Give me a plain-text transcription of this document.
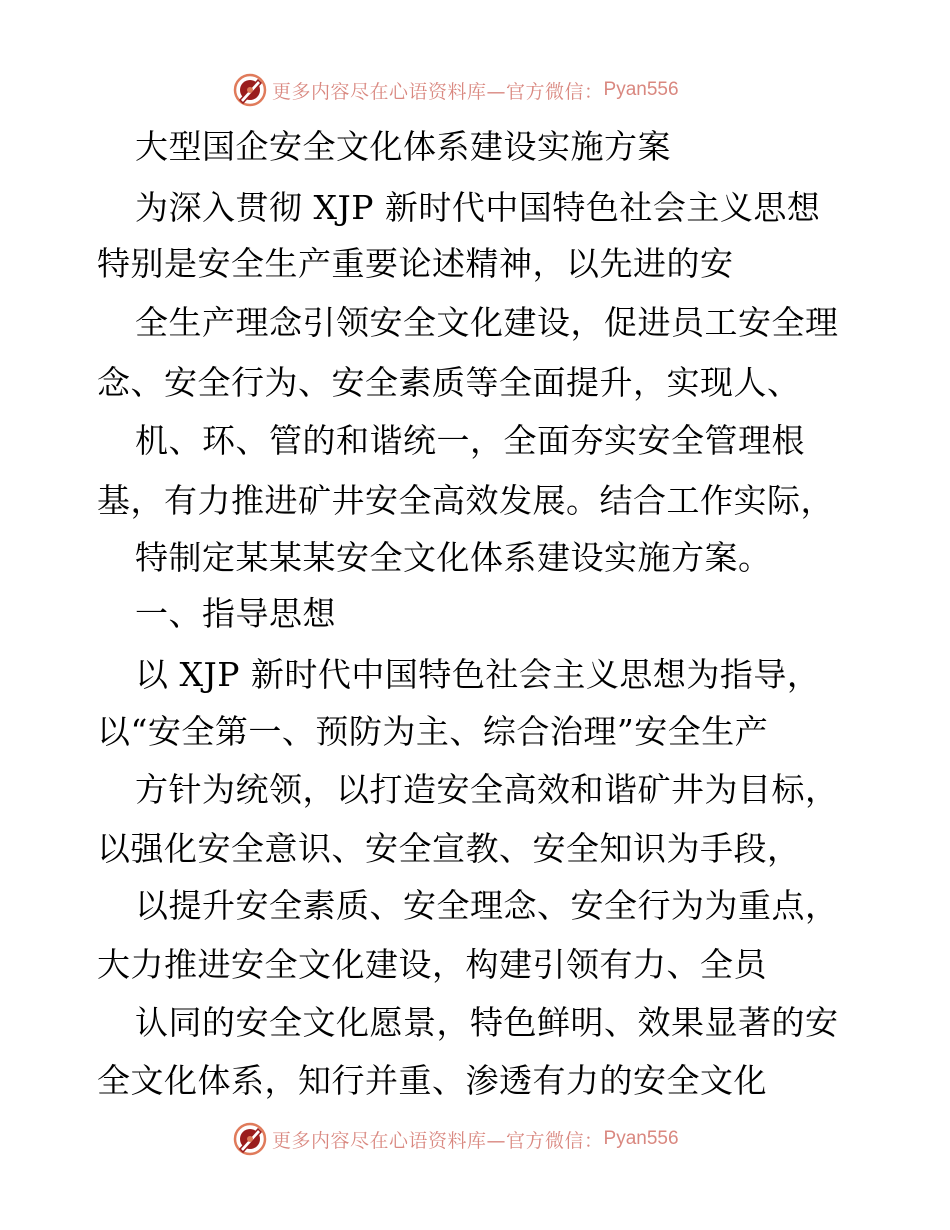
更多内容尽在心语资料库—官方微信： Pyan556
大型国企安全文化体系建设实施方案
为深入贯彻 XJP 新时代中国特色社会主义思想
特别是安全生产重要论述精神，以先进的安
全生产理念引领安全文化建设，促进员工安全理
念、安全行为、安全素质等全面提升，实现人、
机、环、管的和谐统一，全面夯实安全管理根
基，有力推进矿井安全高效发展。结合工作实际，
特制定某某某安全文化体系建设实施方案。
一、指导思想
以 XJP 新时代中国特色社会主义思想为指导，
以“安全第一、预防为主、综合治理”安全生产
方针为统领，以打造安全高效和谐矿井为目标，
以强化安全意识、安全宣教、安全知识为手段，
以提升安全素质、安全理念、安全行为为重点，
大力推进安全文化建设，构建引领有力、全员
认同的安全文化愿景，特色鲜明、效果显著的安
全文化体系，知行并重、渗透有力的安全文化
更多内容尽在心语资料库—官方微信： Pyan556
